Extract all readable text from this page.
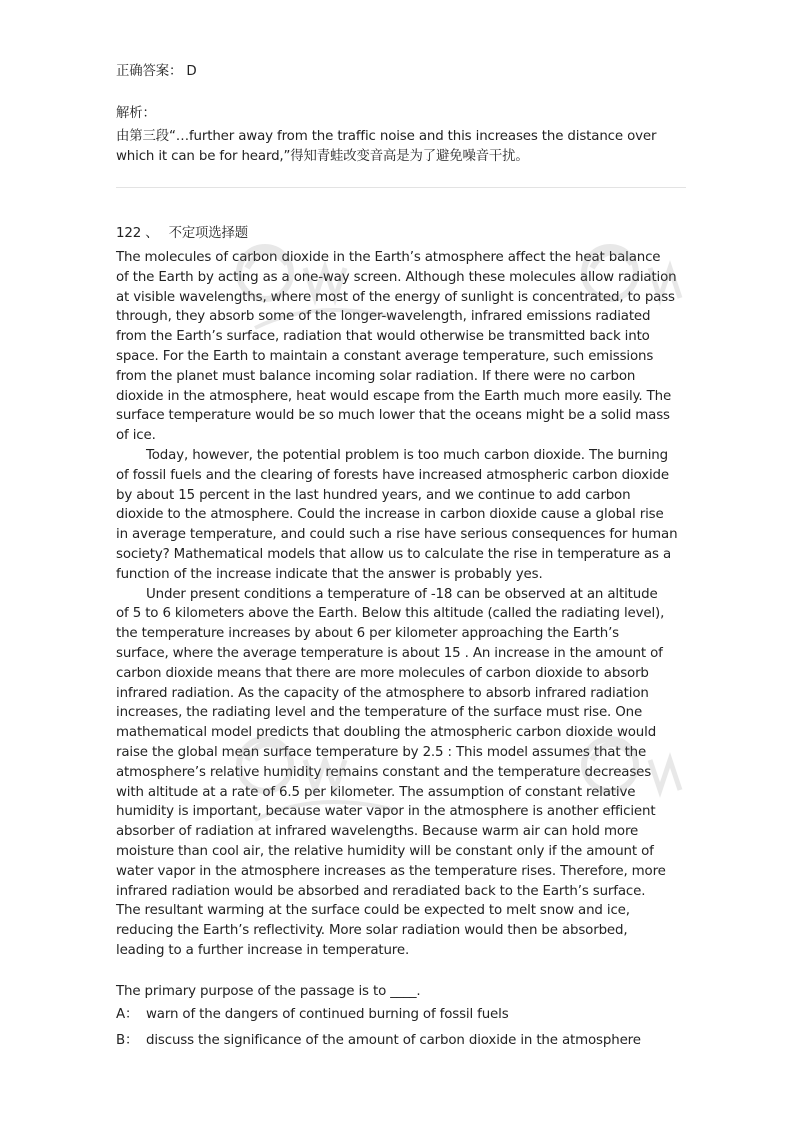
正确答案： D
解析：
由第三段“…further away from the traffic noise and this increases the distance over
which it can be for heard,”得知青蛙改变音高是为了避免噪音干扰。
122 、 不定项选择题
The molecules of carbon dioxide in the Earth’s atmosphere affect the heat balance
of the Earth by acting as a one-way screen. Although these molecules allow radiation
at visible wavelengths, where most of the energy of sunlight is concentrated, to pass
through, they absorb some of the longer-wavelength, infrared emissions radiated
from the Earth’s surface, radiation that would otherwise be transmitted back into
space. For the Earth to maintain a constant average temperature, such emissions
from the planet must balance incoming solar radiation. If there were no carbon
dioxide in the atmosphere, heat would escape from the Earth much more easily. The
surface temperature would be so much lower that the oceans might be a solid mass
of ice.
Today, however, the potential problem is too much carbon dioxide. The burning
of fossil fuels and the clearing of forests have increased atmospheric carbon dioxide
by about 15 percent in the last hundred years, and we continue to add carbon
dioxide to the atmosphere. Could the increase in carbon dioxide cause a global rise
in average temperature, and could such a rise have serious consequences for human
society? Mathematical models that allow us to calculate the rise in temperature as a
function of the increase indicate that the answer is probably yes.
Under present conditions a temperature of -18 can be observed at an altitude
of 5 to 6 kilometers above the Earth. Below this altitude (called the radiating level),
the temperature increases by about 6 per kilometer approaching the Earth’s
surface, where the average temperature is about 15 . An increase in the amount of
carbon dioxide means that there are more molecules of carbon dioxide to absorb
infrared radiation. As the capacity of the atmosphere to absorb infrared radiation
increases, the radiating level and the temperature of the surface must rise. One
mathematical model predicts that doubling the atmospheric carbon dioxide would
raise the global mean surface temperature by 2.5 : This model assumes that the
atmosphere’s relative humidity remains constant and the temperature decreases
with altitude at a rate of 6.5 per kilometer. The assumption of constant relative
humidity is important, because water vapor in the atmosphere is another efficient
absorber of radiation at infrared wavelengths. Because warm air can hold more
moisture than cool air, the relative humidity will be constant only if the amount of
water vapor in the atmosphere increases as the temperature rises. Therefore, more
infrared radiation would be absorbed and reradiated back to the Earth’s surface.
The resultant warming at the surface could be expected to melt snow and ice,
reducing the Earth’s reflectivity. More solar radiation would then be absorbed,
leading to a further increase in temperature.
The primary purpose of the passage is to ____.
A： warn of the dangers of continued burning of fossil fuels
B： discuss the significance of the amount of carbon dioxide in the atmosphere
